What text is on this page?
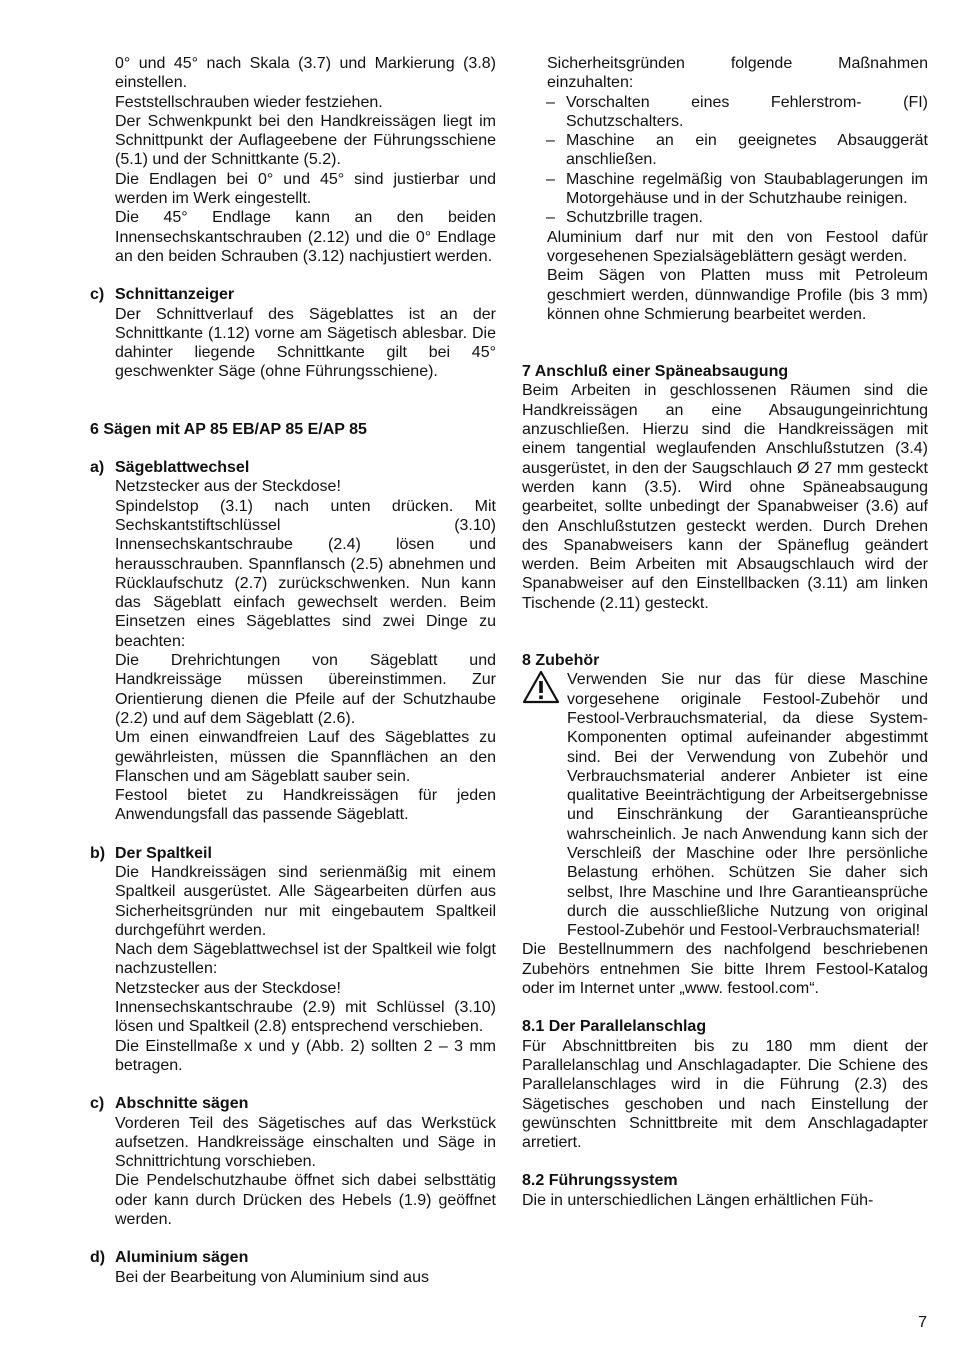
0° und 45° nach Skala (3.7) und Markierung (3.8) einstellen.

Feststellschrauben wieder festziehen.

Der Schwenkpunkt bei den Handkreissägen liegt im Schnittpunkt der Auflageebene der Führungsschiene (5.1) und der Schnittkante (5.2).

Die Endlagen bei 0° und 45° sind justierbar und werden im Werk eingestellt.

Die 45° Endlage kann an den beiden Innensechskantschrauben (2.12) und die 0° Endlage an den beiden Schrauben (3.12) nachjustiert werden.

c) Schnittanzeiger

Der Schnittverlauf des Sägeblattes ist an der Schnittkante (1.12) vorne am Sägetisch ablesbar. Die dahinter liegende Schnittkante gilt bei 45° geschwenkter Säge (ohne Führungsschiene).

6 Sägen mit AP 85 EB/AP 85 E/AP 85

a) Sägeblattwechsel

Netzstecker aus der Steckdose!

Spindelstop (3.1) nach unten drücken. Mit Sechskantstiftschlüssel (3.10) Innensechskantschraube (2.4) lösen und herausschrauben. Spannflansch (2.5) abnehmen und Rücklaufschutz (2.7) zurückschwenken. Nun kann das Sägeblatt einfach gewechselt werden. Beim Einsetzen eines Sägeblattes sind zwei Dinge zu beachten:

Die Drehrichtungen von Sägeblatt und Handkreissäge müssen übereinstimmen. Zur Orientierung dienen die Pfeile auf der Schutzhaube (2.2) und auf dem Sägeblatt (2.6).

Um einen einwandfreien Lauf des Sägeblattes zu gewährleisten, müssen die Spannflächen an den Flanschen und am Sägeblatt sauber sein.

Festool bietet zu Handkreissägen für jeden Anwendungsfall das passende Sägeblatt.

b) Der Spaltkeil

Die Handkreissägen sind serienmäßig mit einem Spaltkeil ausgerüstet. Alle Sägearbeiten dürfen aus Sicherheitsgründen nur mit eingebautem Spaltkeil durchgeführt werden.

Nach dem Sägeblattwechsel ist der Spaltkeil wie folgt nachzustellen:

Netzstecker aus der Steckdose!

Innensechskantschraube (2.9) mit Schlüssel (3.10) lösen und Spaltkeil (2.8) entsprechend verschieben.

Die Einstellmaße x und y (Abb. 2) sollten 2 – 3 mm betragen.

c) Abschnitte sägen

Vorderen Teil des Sägetisches auf das Werkstück aufsetzen. Handkreissäge einschalten und Säge in Schnittrichtung vorschieben.

Die Pendelschutzhaube öffnet sich dabei selbsttätig oder kann durch Drücken des Hebels (1.9) geöffnet werden.

d) Aluminium sägen

Bei der Bearbeitung von Aluminium sind aus

Sicherheitsgründen folgende Maßnahmen einzuhalten:

– Vorschalten eines Fehlerstrom- (FI) Schutzschalters.
– Maschine an ein geeignetes Absauggerät anschließen.
– Maschine regelmäßig von Staubablagerungen im Motorgehäuse und in der Schutzhaube reinigen.
– Schutzbrille tragen.

Aluminium darf nur mit den von Festool dafür vorgesehenen Spezialsägeblättern gesägt werden.

Beim Sägen von Platten muss mit Petroleum geschmiert werden, dünnwandige Profile (bis 3 mm) können ohne Schmierung bearbeitet werden.

7 Anschluß einer Späneabsaugung

Beim Arbeiten in geschlossenen Räumen sind die Handkreissägen an eine Absaugungeinrichtung anzuschließen. Hierzu sind die Handkreissägen mit einem tangential weglaufenden Anschlußstutzen (3.4) ausgerüstet, in den der Saugschlauch Ø 27 mm gesteckt werden kann (3.5). Wird ohne Späneabsaugung gearbeitet, sollte unbedingt der Spanabweiser (3.6) auf den Anschlußstutzen gesteckt werden. Durch Drehen des Spanabweisers kann der Späneflug geändert werden. Beim Arbeiten mit Absaugschlauch wird der Spanabweiser auf den Einstellbacken (3.11) am linken Tischende (2.11) gesteckt.

8 Zubehör

Verwenden Sie nur das für diese Maschine vorgesehene originale Festool-Zubehör und Festool-Verbrauchsmaterial, da diese System-Komponenten optimal aufeinander abgestimmt sind. Bei der Verwendung von Zubehör und Verbrauchsmaterial anderer Anbieter ist eine qualitative Beeinträchtigung der Arbeitsergebnisse und Einschränkung der Garantieansprüche wahrscheinlich. Je nach Anwendung kann sich der Verschleiß der Maschine oder Ihre persönliche Belastung erhöhen. Schützen Sie daher sich selbst, Ihre Maschine und Ihre Garantieansprüche durch die ausschließliche Nutzung von original Festool-Zubehör und Festool-Verbrauchsmaterial!

Die Bestellnummern des nachfolgend beschriebenen Zubehörs entnehmen Sie bitte Ihrem Festool-Katalog oder im Internet unter „www. festool.com“.

8.1 Der Parallelanschlag

Für Abschnittbreiten bis zu 180 mm dient der Parallelanschlag und Anschlagadapter. Die Schiene des Parallelanschlages wird in die Führung (2.3) des Sägetisches geschoben und nach Einstellung der gewünschten Schnittbreite mit dem Anschlagadapter arretiert.

8.2 Führungssystem

Die in unterschiedlichen Längen erhältlichen Füh-

7
